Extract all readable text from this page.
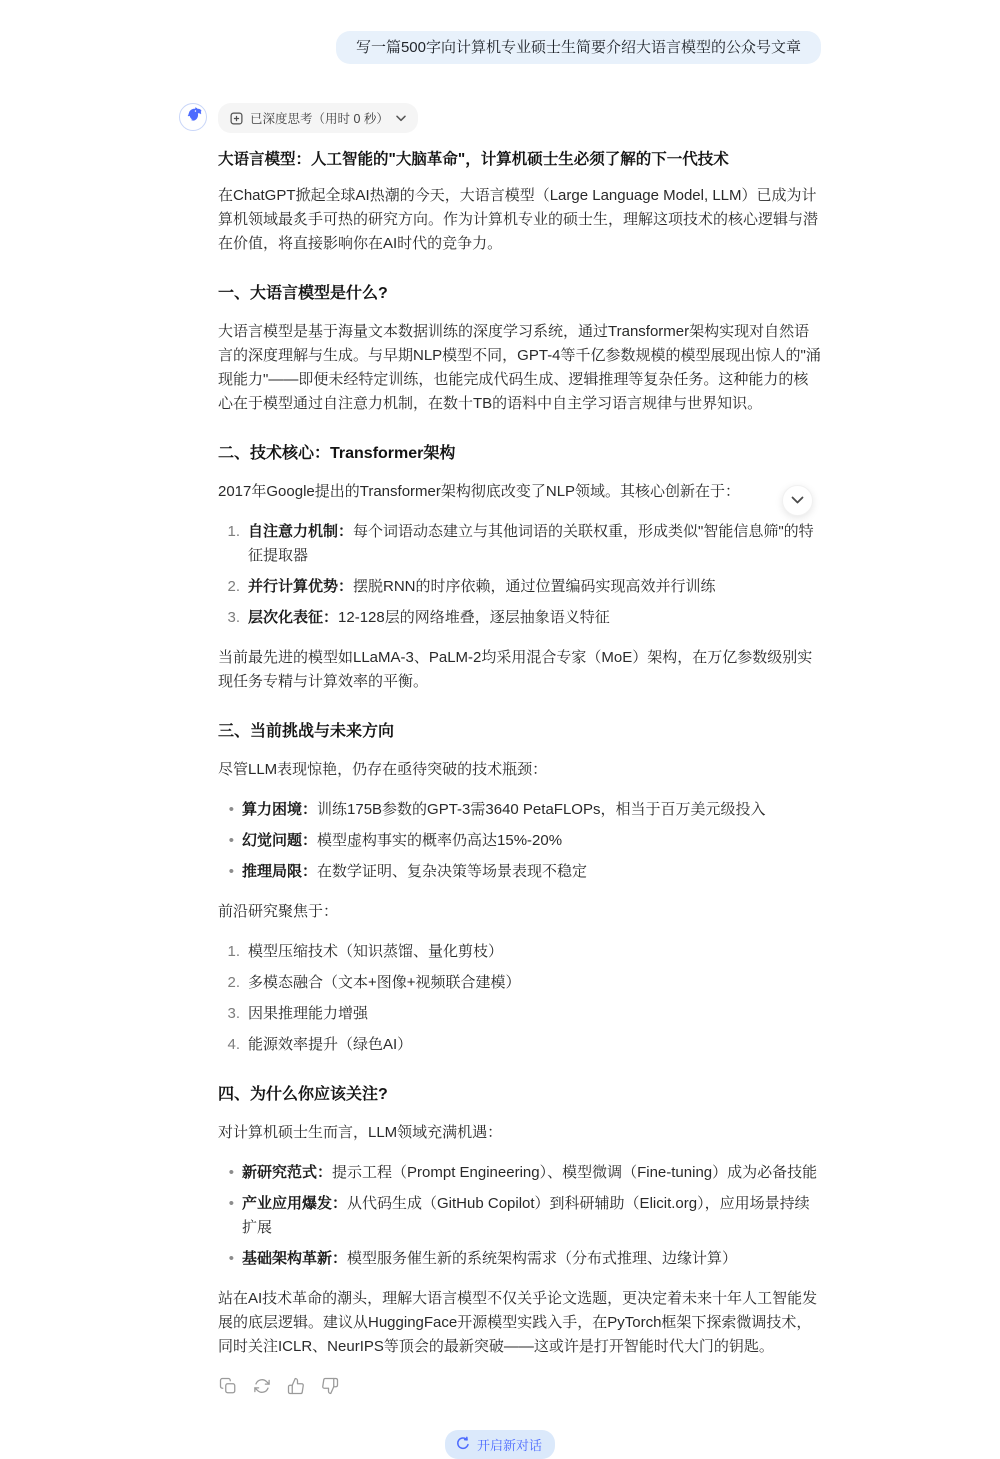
写一篇500字向计算机专业硕士生简要介绍大语言模型的公众号文章
已深度思考（用时 0 秒）
大语言模型：人工智能的"大脑革命"，计算机硕士生必须了解的下一代技术

在ChatGPT掀起全球AI热潮的今天，大语言模型（Large Language Model, LLM）已成为计算机领域最炙手可热的研究方向。作为计算机专业的硕士生，理解这项技术的核心逻辑与潜在价值，将直接影响你在AI时代的竞争力。

一、大语言模型是什么?

大语言模型是基于海量文本数据训练的深度学习系统，通过Transformer架构实现对自然语言的深度理解与生成。与早期NLP模型不同，GPT-4等千亿参数规模的模型展现出惊人的"涌现能力"——即便未经特定训练，也能完成代码生成、逻辑推理等复杂任务。这种能力的核心在于模型通过自注意力机制，在数十TB的语料中自主学习语言规律与世界知识。

二、技术核心：Transformer架构

2017年Google提出的Transformer架构彻底改变了NLP领域。其核心创新在于：

1. 自注意力机制：每个词语动态建立与其他词语的关联权重，形成类似"智能信息筛"的特征提取器
2. 并行计算优势：摆脱RNN的时序依赖，通过位置编码实现高效并行训练
3. 层次化表征：12-128层的网络堆叠，逐层抽象语义特征

当前最先进的模型如LLaMA-3、PaLM-2均采用混合专家（MoE）架构，在万亿参数级别实现任务专精与计算效率的平衡。

三、当前挑战与未来方向

尽管LLM表现惊艳，仍存在亟待突破的技术瓶颈：

• 算力困境：训练175B参数的GPT-3需3640 PetaFLOPs，相当于百万美元级投入
• 幻觉问题：模型虚构事实的概率仍高达15%-20%
• 推理局限：在数学证明、复杂决策等场景表现不稳定

前沿研究聚焦于：

1. 模型压缩技术（知识蒸馏、量化剪枝）
2. 多模态融合（文本+图像+视频联合建模）
3. 因果推理能力增强
4. 能源效率提升（绿色AI）
四、为什么你应该关注?

对计算机硕士生而言，LLM领域充满机遇：

• 新研究范式：提示工程（Prompt Engineering）、模型微调（Fine-tuning）成为必备技能
• 产业应用爆发：从代码生成（GitHub Copilot）到科研辅助（Elicit.org），应用场景持续扩展
• 基础架构革新：模型服务催生新的系统架构需求（分布式推理、边缘计算）

站在AI技术革命的潮头，理解大语言模型不仅关乎论文选题，更决定着未来十年人工智能发展的底层逻辑。建议从HuggingFace开源模型实践入手，在PyTorch框架下探索微调技术，同时关注ICLR、NeurIPS等顶会的最新突破——这或许是打开智能时代大门的钥匙。

开启新对话
